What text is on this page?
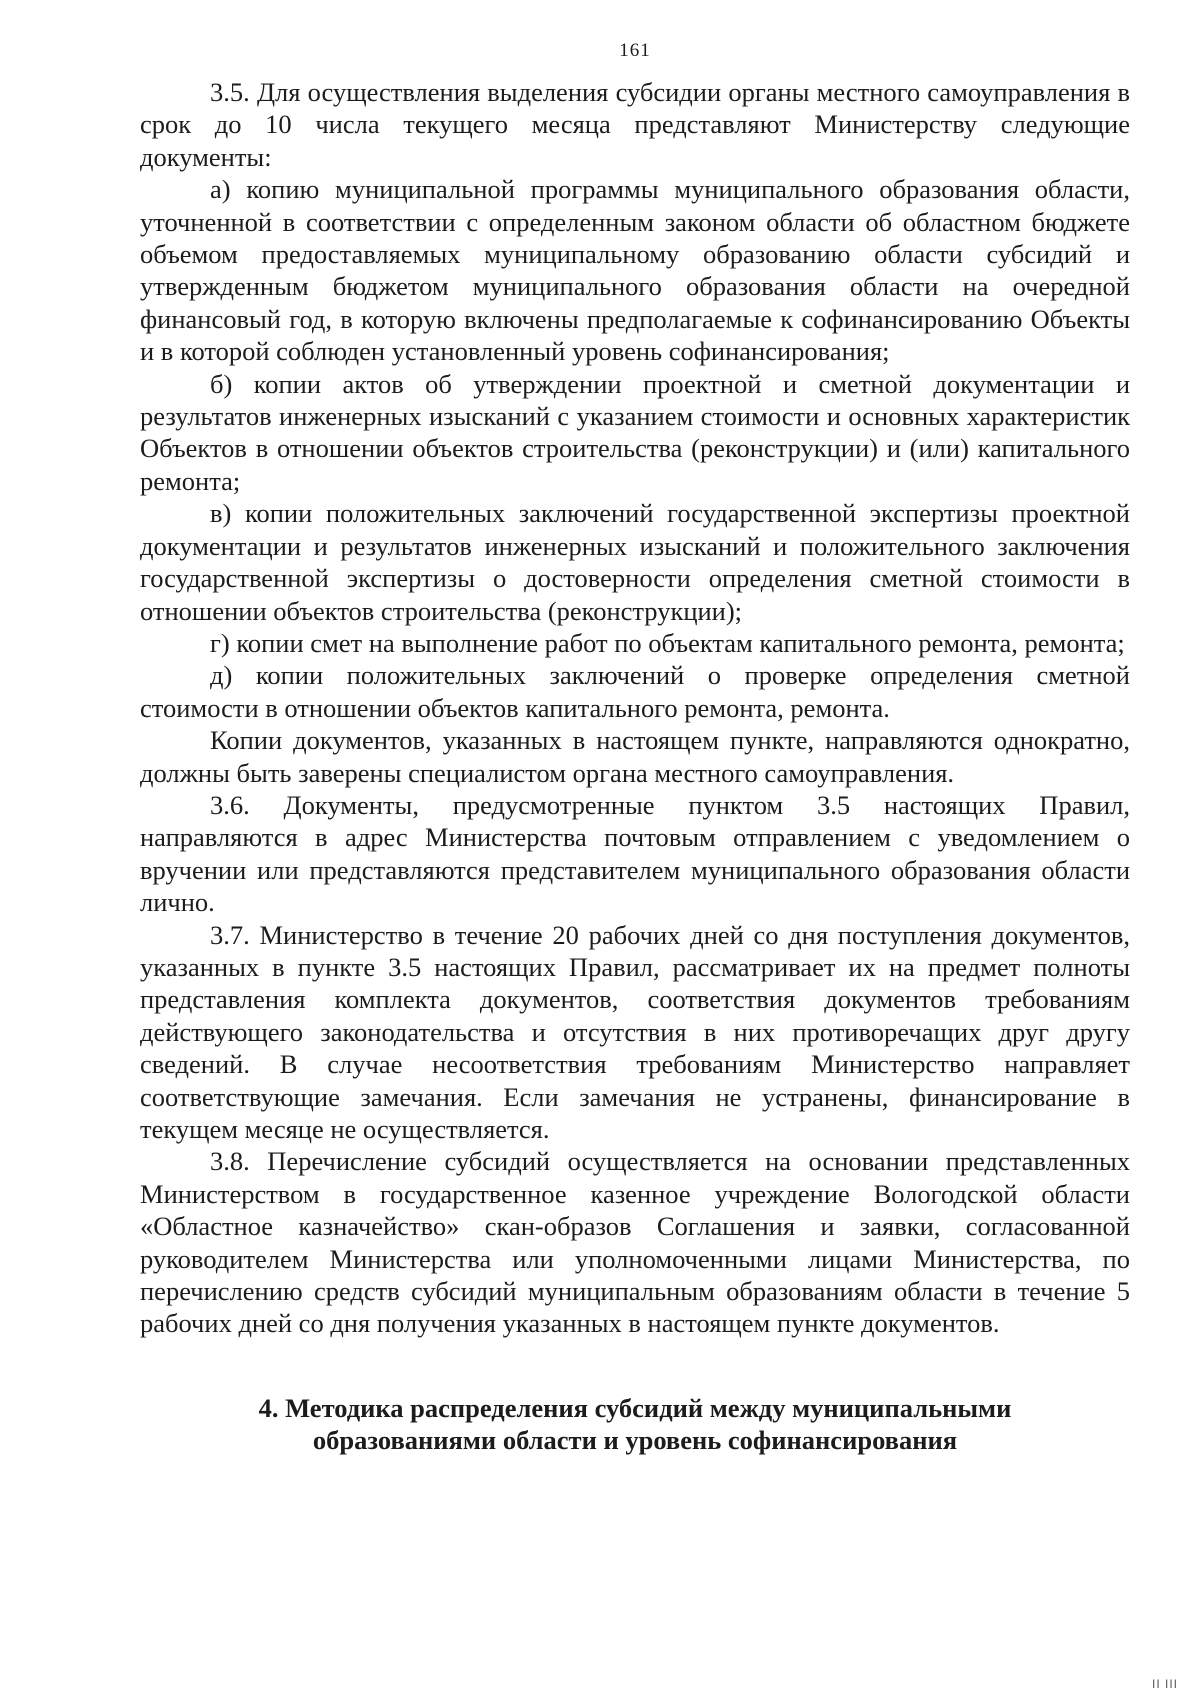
161

3.5. Для осуществления выделения субсидии органы местного самоуправления в срок до 10 числа текущего месяца представляют Министерству следующие документы:

а) копию муниципальной программы муниципального образования области, уточненной в соответствии с определенным законом области об областном бюджете объемом предоставляемых муниципальному образованию области субсидий и утвержденным бюджетом муниципального образования области на очередной финансовый год, в которую включены предполагаемые к софинансированию Объекты и в которой соблюден установленный уровень софинансирования;

б) копии актов об утверждении проектной и сметной документации и результатов инженерных изысканий с указанием стоимости и основных характеристик Объектов в отношении объектов строительства (реконструкции) и (или) капитального ремонта;

в) копии положительных заключений государственной экспертизы проектной документации и результатов инженерных изысканий и положительного заключения государственной экспертизы о достоверности определения сметной стоимости в отношении объектов строительства (реконструкции);

г) копии смет на выполнение работ по объектам капитального ремонта, ремонта;

д) копии положительных заключений о проверке определения сметной стоимости в отношении объектов капитального ремонта, ремонта.

Копии документов, указанных в настоящем пункте, направляются однократно, должны быть заверены специалистом органа местного самоуправления.

3.6. Документы, предусмотренные пунктом 3.5 настоящих Правил, направляются в адрес Министерства почтовым отправлением с уведомлением о вручении или представляются представителем муниципального образования области лично.

3.7. Министерство в течение 20 рабочих дней со дня поступления документов, указанных в пункте 3.5 настоящих Правил, рассматривает их на предмет полноты представления комплекта документов, соответствия документов требованиям действующего законодательства и отсутствия в них противоречащих друг другу сведений. В случае несоответствия требованиям Министерство направляет соответствующие замечания. Если замечания не устранены, финансирование в текущем месяце не осуществляется.

3.8. Перечисление субсидий осуществляется на основании представленных Министерством в государственное казенное учреждение Вологодской области «Областное казначейство» скан-образов Соглашения и заявки, согласованной руководителем Министерства или уполномоченными лицами Министерства, по перечислению средств субсидий муниципальным образованиям области в течение 5 рабочих дней со дня получения указанных в настоящем пункте документов.

4. Методика распределения субсидий между муниципальными
образованиями области и уровень софинансирования
ІІ ІІІ
